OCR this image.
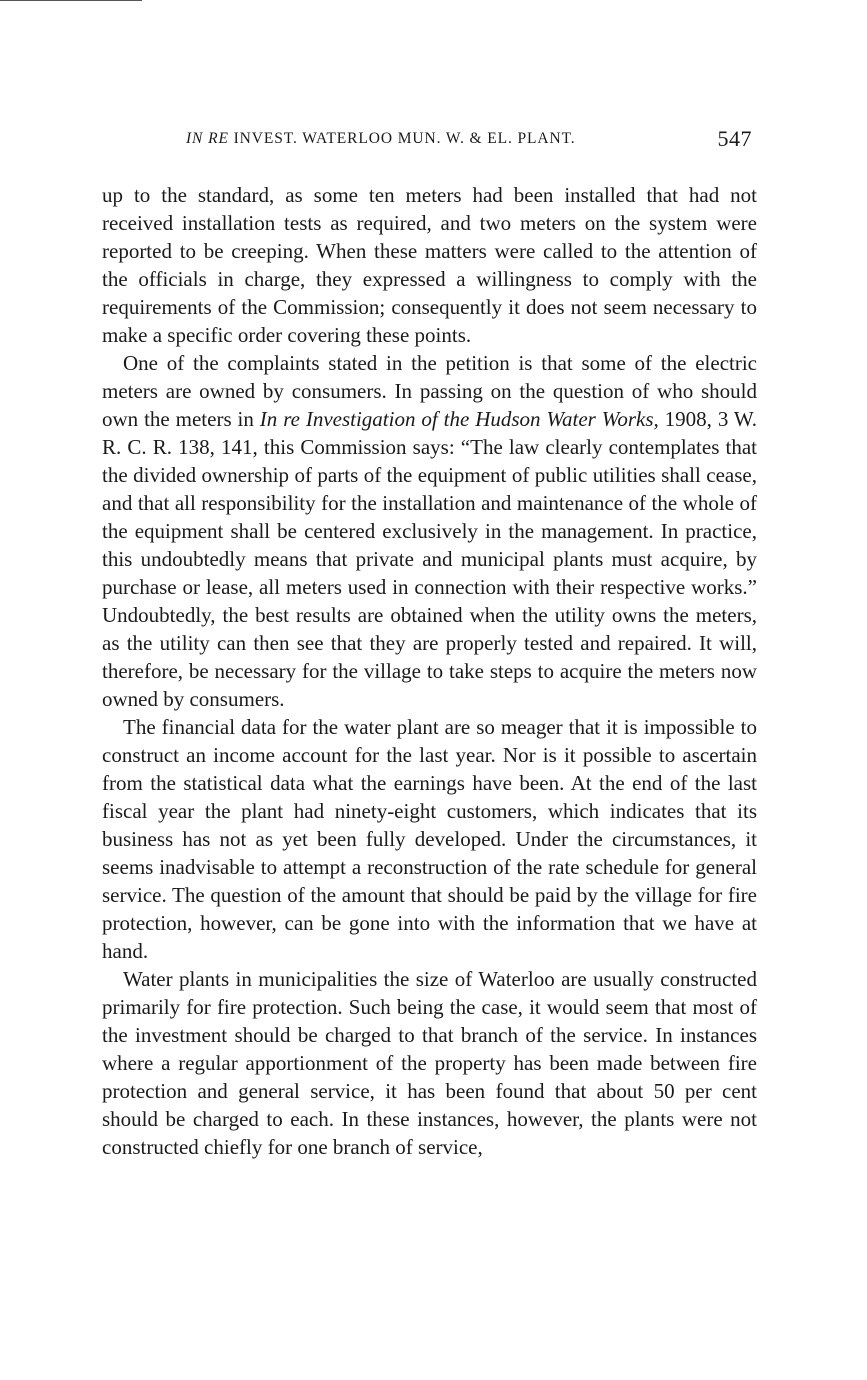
IN RE INVEST. WATERLOO MUN. W. & EL. PLANT.	547

up to the standard, as some ten meters had been installed that had not received installation tests as required, and two meters on the system were reported to be creeping. When these matters were called to the attention of the officials in charge, they expressed a willingness to comply with the requirements of the Commission; consequently it does not seem necessary to make a specific order covering these points.

One of the complaints stated in the petition is that some of the electric meters are owned by consumers. In passing on the question of who should own the meters in In re Investigation of the Hudson Water Works, 1908, 3 W. R. C. R. 138, 141, this Commission says: “The law clearly contemplates that the divided ownership of parts of the equipment of public utilities shall cease, and that all responsibility for the installation and maintenance of the whole of the equipment shall be centered exclusively in the management. In practice, this undoubtedly means that private and municipal plants must acquire, by purchase or lease, all meters used in connection with their respective works.” Undoubtedly, the best results are obtained when the utility owns the meters, as the utility can then see that they are properly tested and repaired. It will, therefore, be necessary for the village to take steps to acquire the meters now owned by consumers.

The financial data for the water plant are so meager that it is impossible to construct an income account for the last year. Nor is it possible to ascertain from the statistical data what the earnings have been. At the end of the last fiscal year the plant had ninety-eight customers, which indicates that its business has not as yet been fully developed. Under the circumstances, it seems inadvisable to attempt a reconstruction of the rate schedule for general service. The question of the amount that should be paid by the village for fire protection, however, can be gone into with the information that we have at hand.

Water plants in municipalities the size of Waterloo are usually constructed primarily for fire protection. Such being the case, it would seem that most of the investment should be charged to that branch of the service. In instances where a regular apportionment of the property has been made between fire protection and general service, it has been found that about 50 per cent should be charged to each. In these instances, however, the plants were not constructed chiefly for one branch of service,
